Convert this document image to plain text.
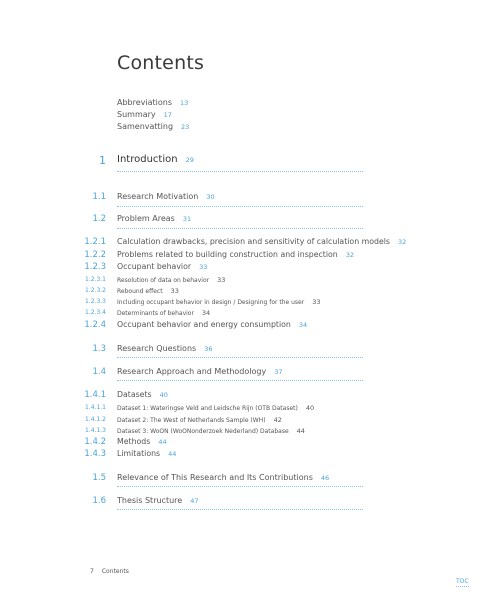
Contents
Abbreviations 13
Summary 17
Samenvatting 23
1 Introduction 29
1.1 Research Motivation 30
1.2 Problem Areas 31
1.2.1 Calculation drawbacks, precision and sensitivity of calculation models 32
1.2.2 Problems related to building construction and inspection 32
1.2.3 Occupant behavior 33
1.2.3.1 Resolution of data on behavior 33
1.2.3.2 Rebound effect 33
1.2.3.3 Including occupant behavior in design / Designing for the user 33
1.2.3.4 Determinants of behavior 34
1.2.4 Occupant behavior and energy consumption 34
1.3 Research Questions 36
1.4 Research Approach and Methodology 37
1.4.1 Datasets 40
1.4.1.1 Dataset 1: Wateringse Veld and Leidsche Rijn (OTB Dataset) 40
1.4.1.2 Dataset 2: The West of Netherlands Sample (WH) 42
1.4.1.3 Dataset 3: WoON (WoONonderzoek Nederland) Database 44
1.4.2 Methods 44
1.4.3 Limitations 44
1.5 Relevance of This Research and Its Contributions 46
1.6 Thesis Structure 47
7 Contents
TOC
